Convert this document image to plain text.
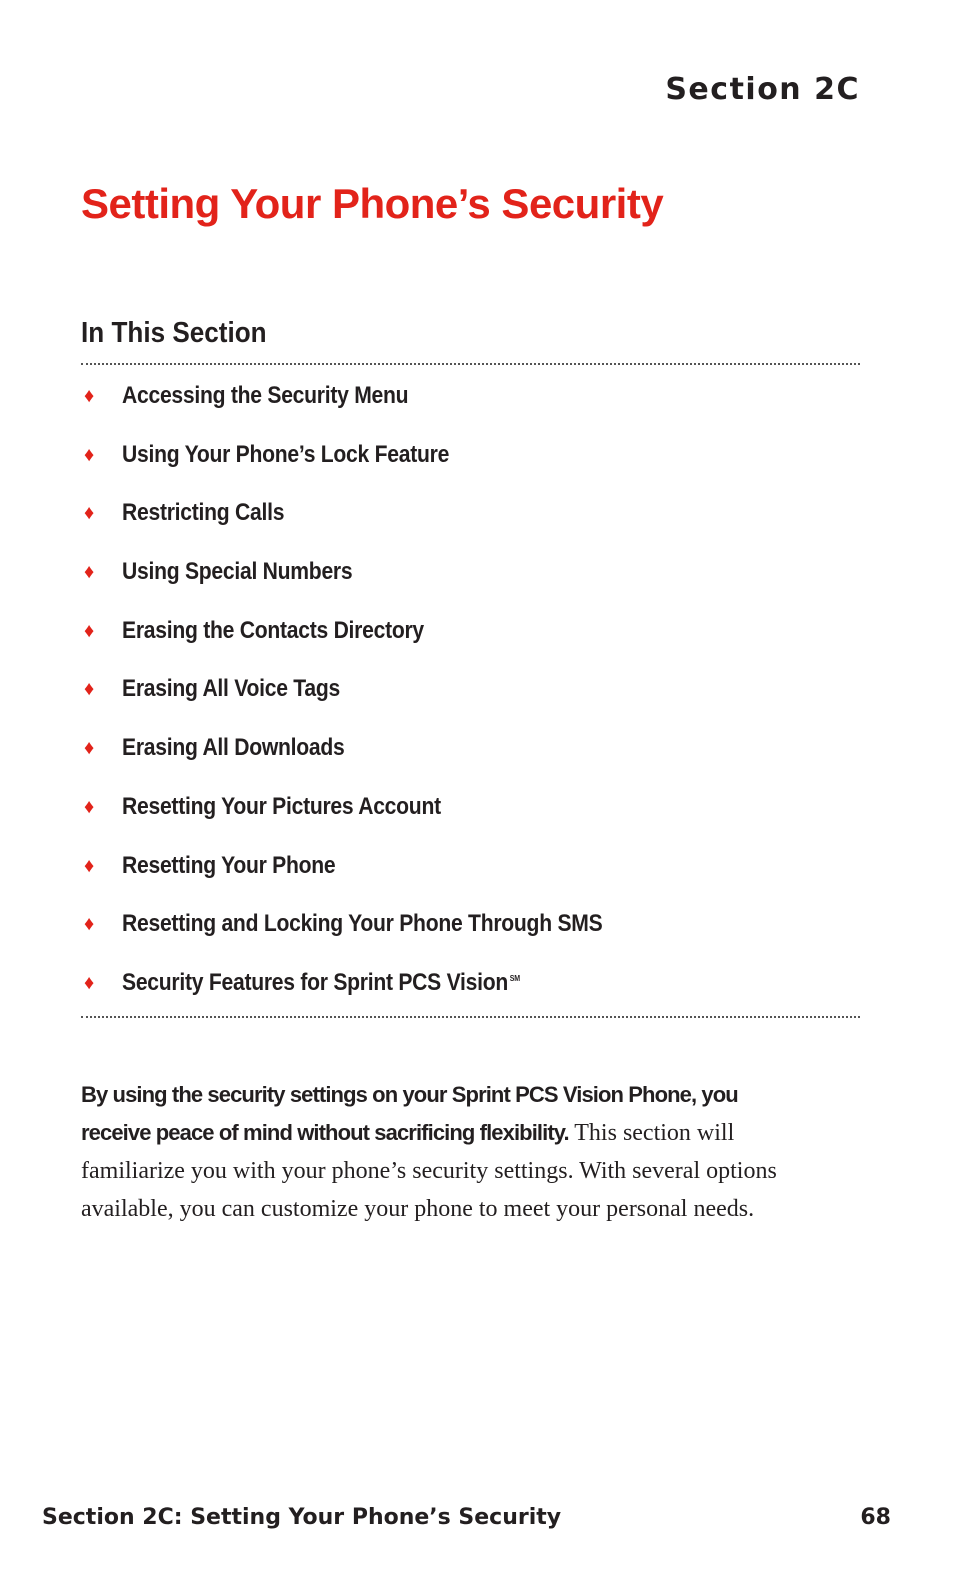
Section 2C
Setting Your Phone’s Security
In This Section
♦	Accessing the Security Menu
♦	Using Your Phone’s Lock Feature
♦	Restricting Calls
♦	Using Special Numbers
♦	Erasing the Contacts Directory
♦	Erasing All Voice Tags
♦	Erasing All Downloads
♦	Resetting Your Pictures Account
♦	Resetting Your Phone
♦	Resetting and Locking Your Phone Through SMS
♦	Security Features for Sprint PCS Vision ℠

By using the security settings on your Sprint PCS Vision Phone, you receive peace of mind without sacrificing flexibility. This section will familiarize you with your phone’s security settings. With several options available, you can customize your phone to meet your personal needs.

Section 2C: Setting Your Phone’s Security	68
